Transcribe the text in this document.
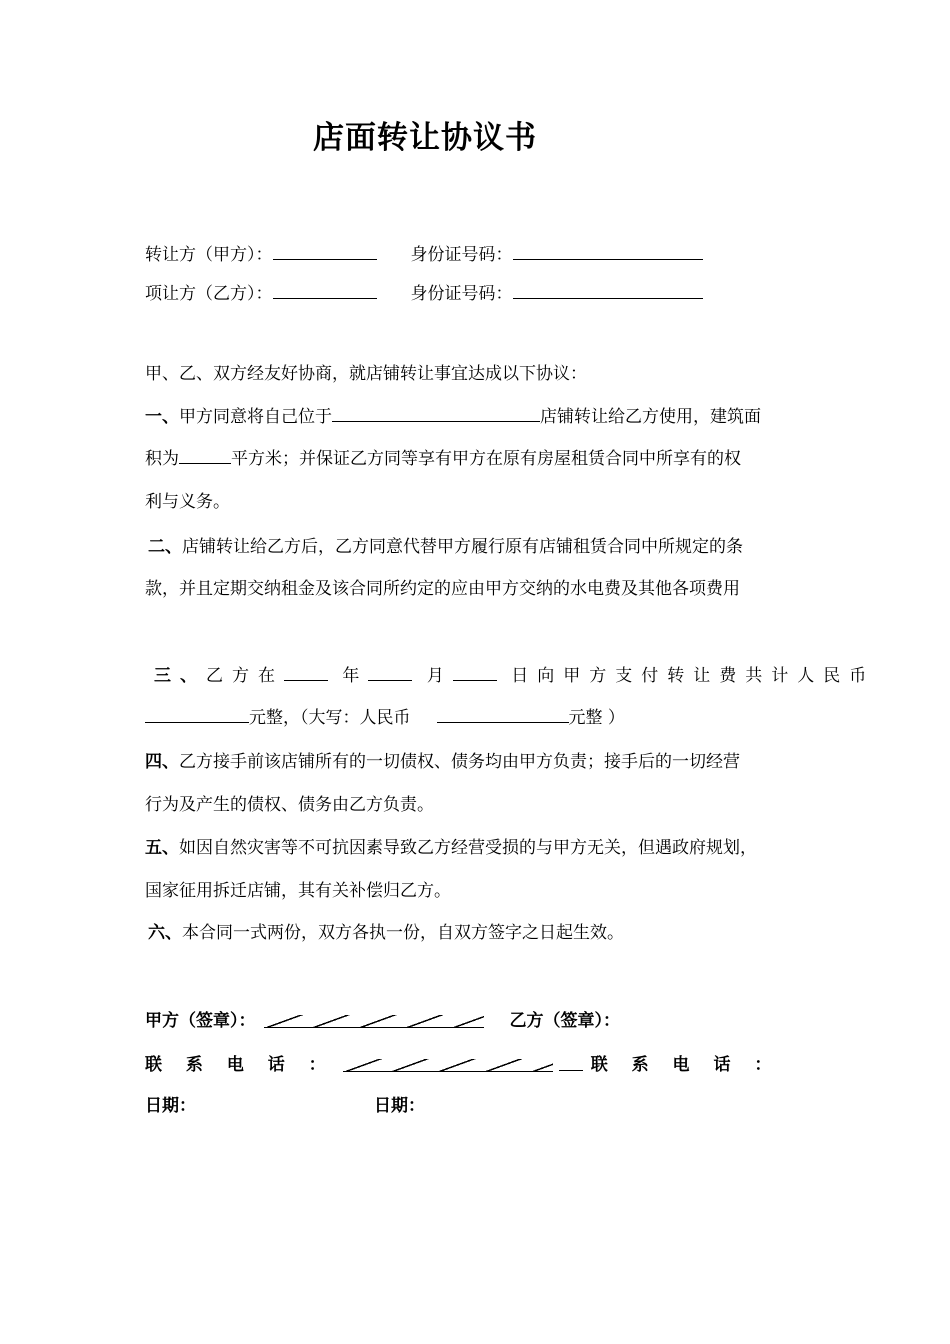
店面转让协议书
转让方（甲方）：	身份证号码：
项让方（乙方）：	身份证号码：
甲、乙、双方经友好协商，就店铺转让事宜达成以下协议：
一、甲方同意将自己位于	店铺转让给乙方使用，建筑面
积为	平方米；并保证乙方同等享有甲方在原有房屋租赁合同中所享有的权
利与义务。
二、店铺转让给乙方后，乙方同意代替甲方履行原有店铺租赁合同中所规定的条
款，并且定期交纳租金及该合同所约定的应由甲方交纳的水电费及其他各项费用
三、乙方在	年	月	日向甲方支付转让费共计人民币
元整，（大写：人民币	元整 ）
四、乙方接手前该店铺所有的一切债权、债务均由甲方负责；接手后的一切经营
行为及产生的债权、债务由乙方负责。
五、如因自然灾害等不可抗因素导致乙方经营受损的与甲方无关，但遇政府规划，
国家征用拆迁店铺，其有关补偿归乙方。
六、本合同一式两份，双方各执一份，自双方签字之日起生效。
甲方（签章）：	乙方（签章）：
联 系 电 话 ：	联 系 电 话 ：
日期：	日期：
